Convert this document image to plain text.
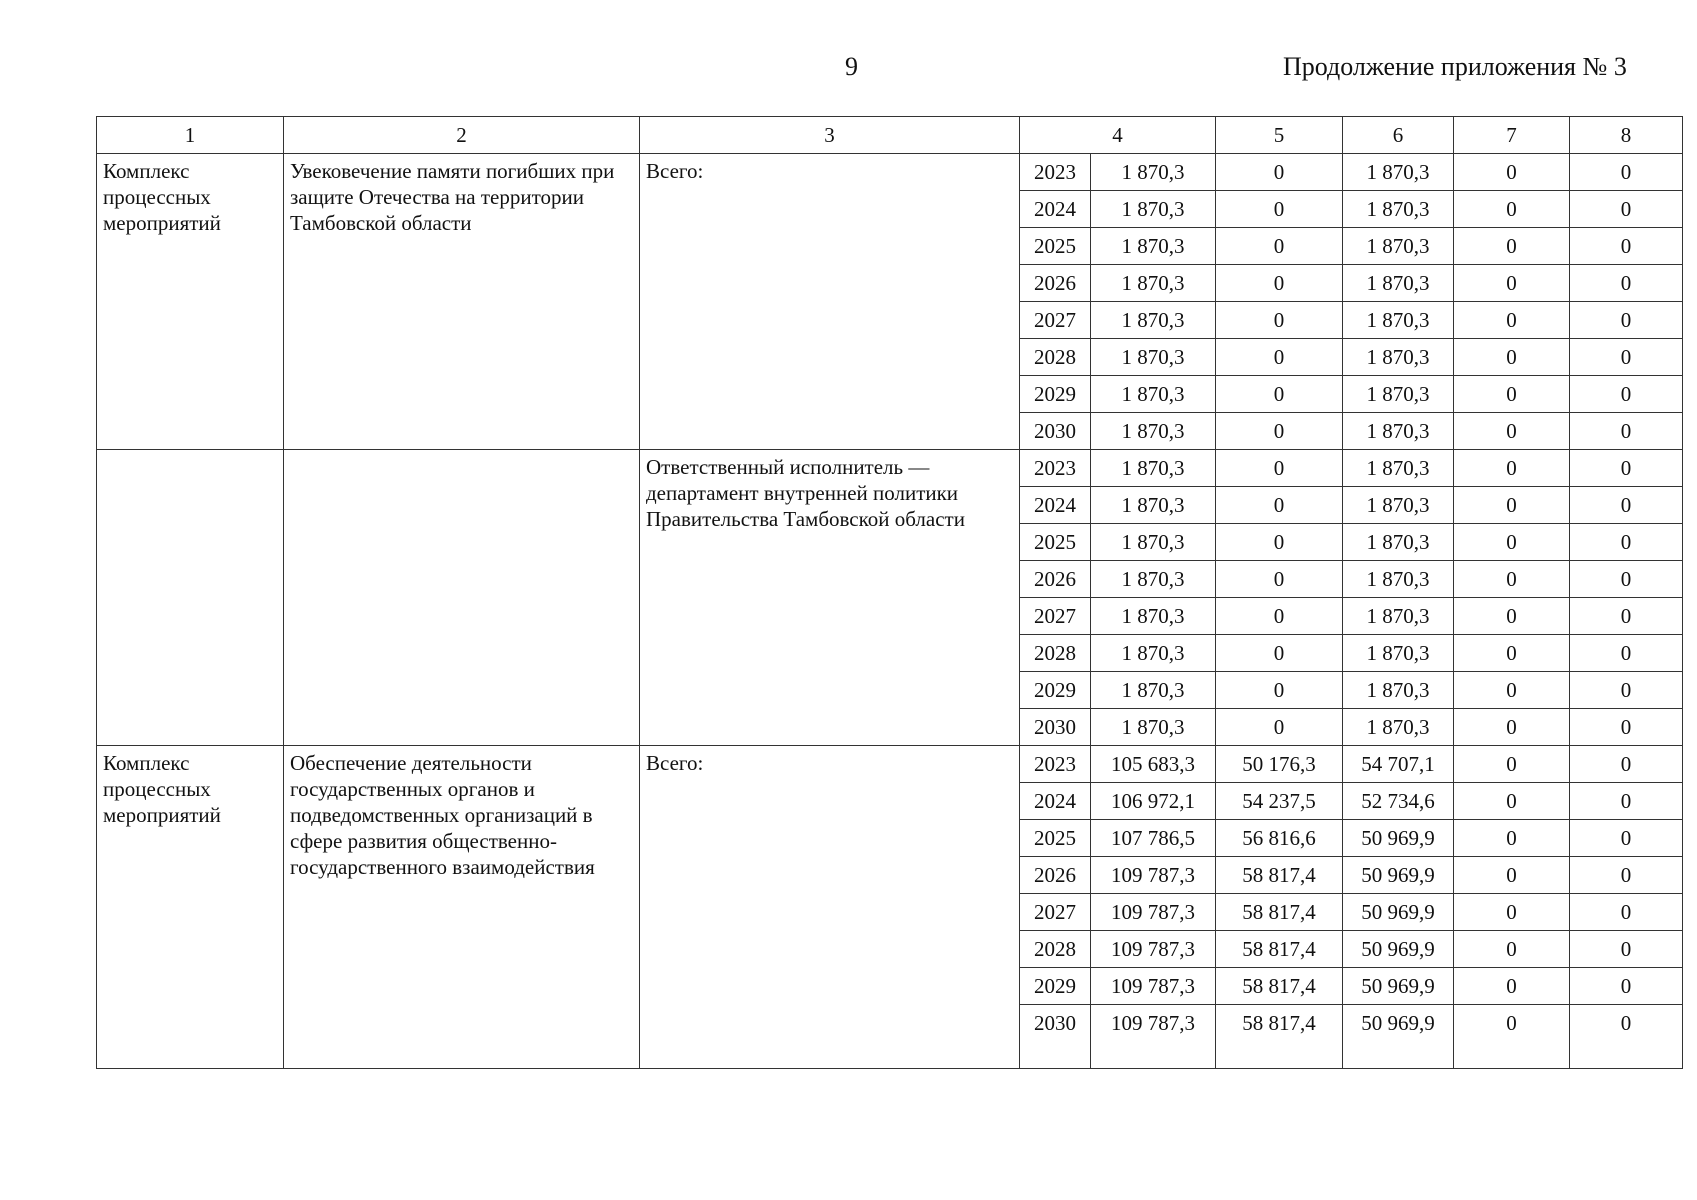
9	Продолжение приложения № 3
1	2	3	4		5	6	7	8
Комплекс процессных мероприятий	Увековечение памяти погибших при защите Отечества на территории Тамбовской области	Всего:	2023	1 870,3	0	1 870,3	0	0
			2024	1 870,3	0	1 870,3	0	0
			2025	1 870,3	0	1 870,3	0	0
			2026	1 870,3	0	1 870,3	0	0
			2027	1 870,3	0	1 870,3	0	0
			2028	1 870,3	0	1 870,3	0	0
			2029	1 870,3	0	1 870,3	0	0
			2030	1 870,3	0	1 870,3	0	0
		Ответственный исполнитель — департамент внутренней политики Правительства Тамбовской области	2023	1 870,3	0	1 870,3	0	0
			2024	1 870,3	0	1 870,3	0	0
			2025	1 870,3	0	1 870,3	0	0
			2026	1 870,3	0	1 870,3	0	0
			2027	1 870,3	0	1 870,3	0	0
			2028	1 870,3	0	1 870,3	0	0
			2029	1 870,3	0	1 870,3	0	0
			2030	1 870,3	0	1 870,3	0	0
Комплекс процессных мероприятий	Обеспечение деятельности государственных органов и подведомственных организаций в сфере развития общественно-государственного взаимодействия	Всего:	2023	105 683,3	50 176,3	54 707,1	0	0
			2024	106 972,1	54 237,5	52 734,6	0	0
			2025	107 786,5	56 816,6	50 969,9	0	0
			2026	109 787,3	58 817,4	50 969,9	0	0
			2027	109 787,3	58 817,4	50 969,9	0	0
			2028	109 787,3	58 817,4	50 969,9	0	0
			2029	109 787,3	58 817,4	50 969,9	0	0
			2030	109 787,3	58 817,4	50 969,9	0	0
